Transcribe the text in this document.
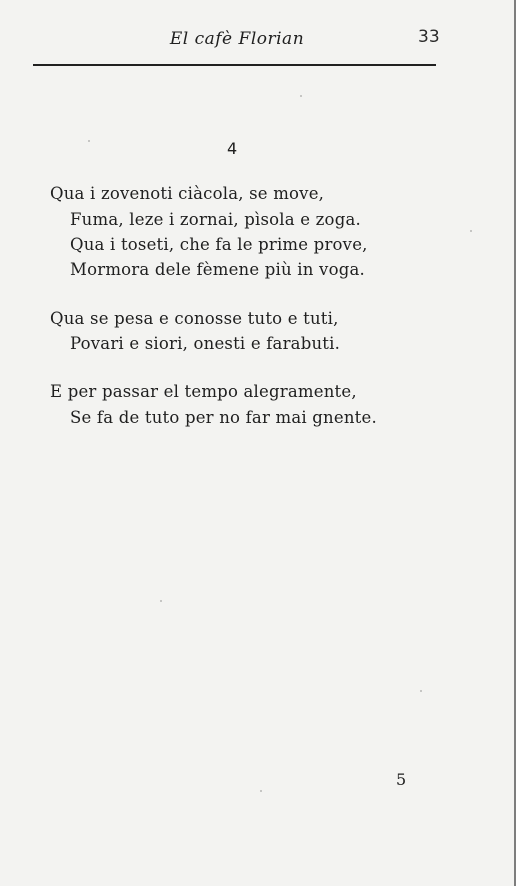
El cafè Florian	33
4
Qua i zovenoti ciàcola, se move,
Fuma, leze i zornai, pìsola e zoga.
Qua i toseti, che fa le prime prove,
Mormora dele fèmene più in voga.
Qua se pesa e conosse tuto e tuti,
Povari e siori, onesti e farabuti.
E per passar el tempo alegramente,
Se fa de tuto per no far mai gnente.
5
